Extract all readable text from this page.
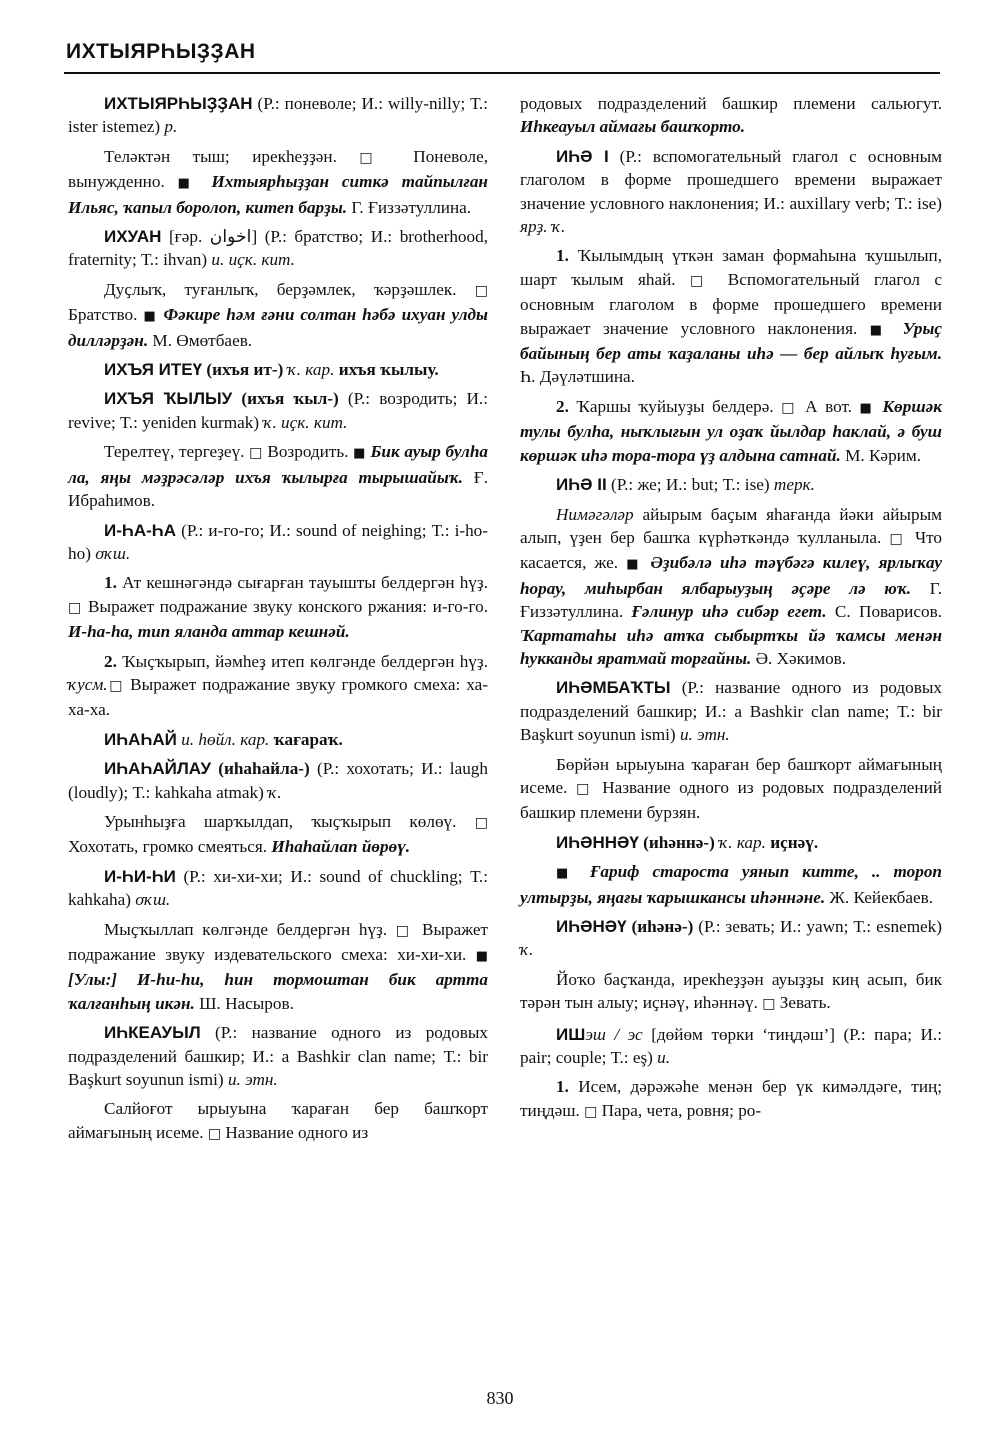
ИХТЫЯРҺЫҘҘАН

ИХТЫЯРҺЫҘҘАН (Р.: поневоле; И.: willy-nilly; Т.: ister istemez) р.

Теләктән тыш; ирекһеҙҙән. □ Поневоле, вынужденно. ■ Ихтыярһыҙҙан ситкә тайпылған Ильяс, ҡапыл боролоп, китеп барҙы. Г. Ғиззәтуллина.

ИХУАН [ғәр. اخوان] (Р.: братство; И.: brotherhood, fraternity; Т.: ihvan) и. иҫк. кит.

Дуҫлыҡ, туғанлыҡ, берҙәмлек, ҡәрҙәшлек. □ Братство. ■ Фәкире һәм ғәни солтан һәбә ихуан улды дилләрҙән. М. Өмөтбаев.

ИХЪЯ ИТЕҮ (ихъя ит-) ҡ. кар. ихъя ҡылыу.

ИХЪЯ ҠЫЛЫУ (ихъя ҡыл-) (Р.: возродить; И.: revive; Т.: yeniden kurmak) ҡ. иҫк. кит.

Терелтеү, тергеҙеү. □ Возродить. ■ Бик ауыр булһа ла, яңы мәҙрәсәләр ихъя ҡылырға тырышайыҡ. Ғ. Ибраһимов.

И-ҺА-ҺА (Р.: и-го-го; И.: sound of neighing; Т.: i-ho-ho) оҡш.

1. Ат кешнәгәндә сығарған тауышты белдергән һүҙ. □ Выражет подражание звуку конского ржания: и-го-го. И-һа-һа, тип яланда аттар кешнәй.

2. Ҡыҫҡырып, йәмһеҙ итеп көлгәнде белдергән һүҙ. ҡусм.□ Выражет подражание звуку громкого смеха: ха-ха-ха.

ИҺАҺАЙ и. һөйл. кар. ҡағараҡ.

ИҺАҺАЙЛАУ (иһаһайла-) (Р.: хохотать; И.: laugh (loudly); Т.: kahkaha atmak) ҡ.

Урынһыҙға шарҡылдап, ҡыҫҡырып көлөү. □ Хохотать, громко смеяться. Иһаһайлап йөрөү.

И-ҺИ-ҺИ (Р.: хи-хи-хи; И.: sound of chuckling; Т.: kahkaha) оҡш.

Мыҫҡыллап көлгәнде белдергән һүҙ. □ Выражет подражание звуку издевательского смеха: хи-хи-хи. ■ [Улы:] И-һи-һи, һин тормоштан бик артта ҡалғанһың икән. Ш. Насыров.

ИҺКЕАУЫЛ (Р.: название одного из родовых подразделений башкир; И.: a Bashkir clan name; Т.: bir Başkurt soyunun ismi) и. этн.

Салйоғот ырыуына ҡараған бер башҡорт аймағының исеме. □ Название одного из

родовых подразделений башкир племени сальюгут. Иһкеауыл аймағы башҡорто.

ИҺӘ I (Р.: вспомогательный глагол с основным глаголом в форме прошедшего времени выражает значение условного наклонения; И.: auxillary verb; Т.: ise) ярҙ. ҡ.

1. Ҡылымдың үткән заман формаһына ҡушылып, шарт ҡылым яһай. □ Вспомогательный глагол с основным глаголом в форме прошедшего времени выражает значение условного наклонения. ■ Урыҫ байының бер аты ҡаҙаланы иһә — бер айлыҡ һуғым. Һ. Дәүләтшина.

2. Ҡаршы ҡуйыуҙы белдерә. □ А вот. ■ Көршәк тулы булһа, ныҡлығын ул оҙаҡ йылдар һаклай, ә буш көршәк иһә тора-тора үҙ алдына сатнай. М. Кәрим.

ИҺӘ II (Р.: же; И.: but; Т.: ise) терк.

Нимәгәләр айырым баҫым яһағанда йәки айырым алып, үҙен бер башҡа күрһәткәндә ҡулланыла. □ Что касается, же. ■ Әҙибәлә иһә тәүбәгә килеү, ярлыҡау һорау, миһырбан ялбарыуҙың әҫәре лә юҡ. Г. Ғиззәтуллина. Ғәлинур иһә сибәр егет. С. Поварисов. Ҡартатаһы иһә атҡа сыбыртҡы йә ҡамсы менән һукканды яратмай торғайны. Ә. Хәкимов.

ИҺӘМБАҠТЫ (Р.: название одного из родовых подразделений башкир; И.: a Bashkir clan name; Т.: bir Başkurt soyunun ismi) и. этн.

Бөрйән ырыуына ҡараған бер башҡорт аймағының исеме. □ Название одного из родовых подразделений башкир племени бурзян.

ИҺӘННӘҮ (иһәннә-) ҡ. кар. иҫнәү.

■ Ғариф староста уянып китте, .. тороп ултырҙы, яңағы ҡарышкансы иһәннәне. Ж. Кейекбаев.

ИҺӘНӘҮ (иһәнә-) (Р.: зевать; И.: yawn; Т.: esnemek) ҡ.

Йоҡо баҫҡанда, ирекһеҙҙән ауыҙҙы киң асып, бик тәрән тын алыу; иҫнәү, иһәннәү. □ Зевать.

ИШэш / эс [дөйөм төрки ‘тиңдәш’] (Р.: пара; И.: pair; couple; Т.: eş) и.

1. Исем, дәрәжәһе менән бер үк кимәлдәге, тиң; тиңдәш. □ Пара, чета, ровня; ро-

830
